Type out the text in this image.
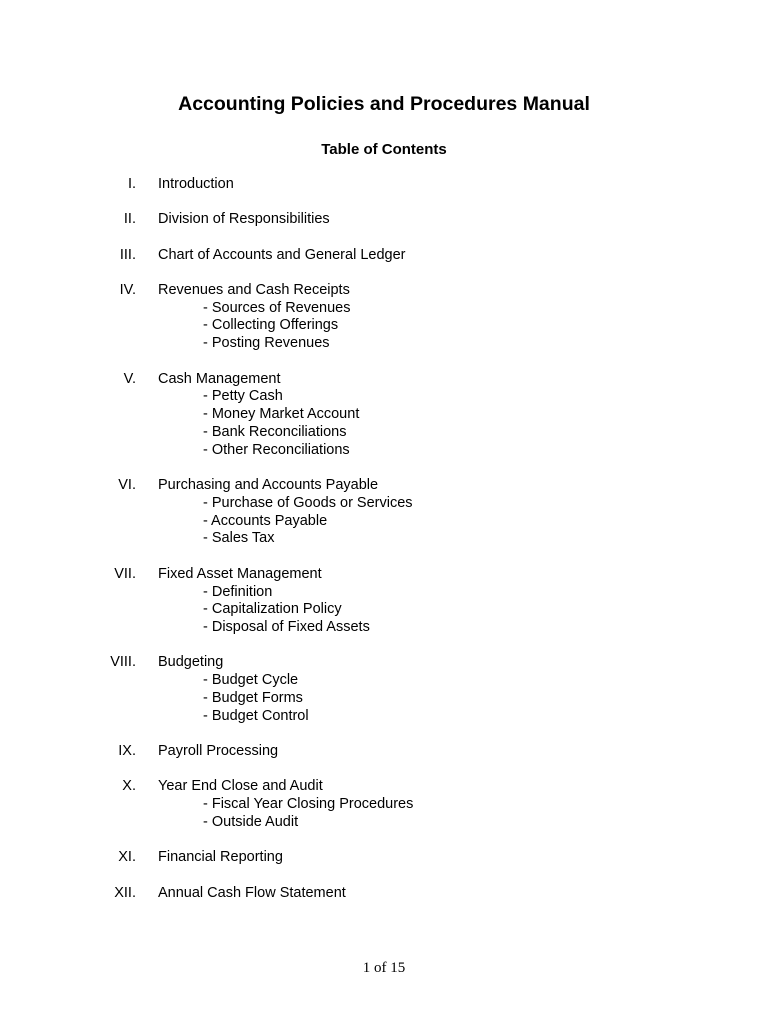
Accounting Policies and Procedures Manual
Table of Contents
I. Introduction
II. Division of Responsibilities
III. Chart of Accounts and General Ledger
IV. Revenues and Cash Receipts
- Sources of Revenues
- Collecting Offerings
- Posting Revenues
V. Cash Management
- Petty Cash
- Money Market Account
- Bank Reconciliations
- Other Reconciliations
VI. Purchasing and Accounts Payable
- Purchase of Goods or Services
- Accounts Payable
- Sales Tax
VII. Fixed Asset Management
- Definition
- Capitalization Policy
- Disposal of Fixed Assets
VIII. Budgeting
- Budget Cycle
- Budget Forms
- Budget Control
IX. Payroll Processing
X. Year End Close and Audit
- Fiscal Year Closing Procedures
- Outside Audit
XI. Financial Reporting
XII. Annual Cash Flow Statement
1 of 15
